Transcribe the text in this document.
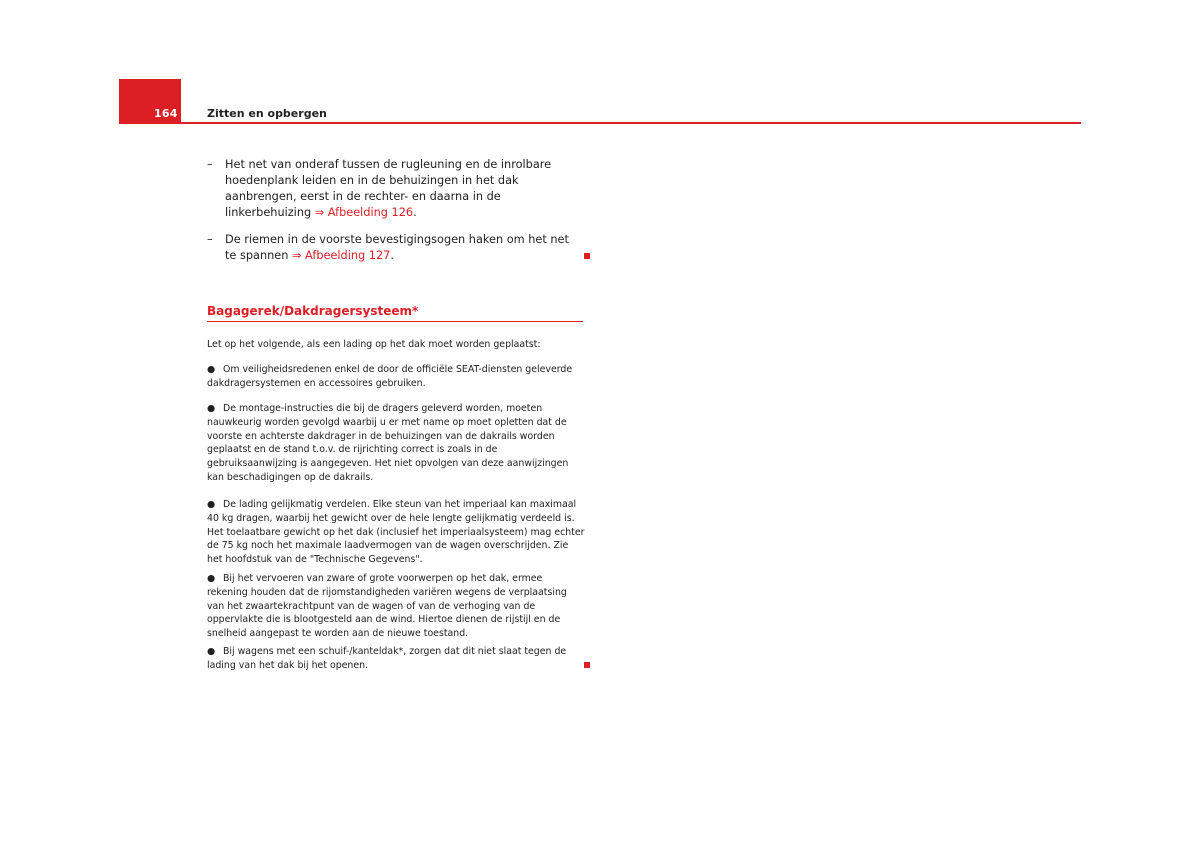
164	Zitten en opbergen
– Het net van onderaf tussen de rugleuning en de inrolbare hoedenplank leiden en in de behuizingen in het dak aanbrengen, eerst in de rechter- en daarna in de linkerbehuizing ⇒ Afbeelding 126.
– De riemen in de voorste bevestigingsogen haken om het net te spannen ⇒ Afbeelding 127.
Bagagerek/Dakdragersysteem*
Let op het volgende, als een lading op het dak moet worden geplaatst:
● Om veiligheidsredenen enkel de door de officiële SEAT-diensten geleverde dakdragersystemen en accessoires gebruiken.
● De montage-instructies die bij de dragers geleverd worden, moeten nauwkeurig worden gevolgd waarbij u er met name op moet opletten dat de voorste en achterste dakdrager in de behuizingen van de dakrails worden geplaatst en de stand t.o.v. de rijrichting correct is zoals in de gebruiksaanwijzing is aangegeven. Het niet opvolgen van deze aanwijzingen kan beschadigingen op de dakrails.
● De lading gelijkmatig verdelen. Elke steun van het imperiaal kan maximaal 40 kg dragen, waarbij het gewicht over de hele lengte gelijkmatig verdeeld is. Het toelaatbare gewicht op het dak (inclusief het imperiaalsysteem) mag echter de 75 kg noch het maximale laadvermogen van de wagen overschrijden. Zie het hoofdstuk van de "Technische Gegevens".
● Bij het vervoeren van zware of grote voorwerpen op het dak, ermee rekening houden dat de rijomstandigheden variëren wegens de verplaatsing van het zwaartekrachtpunt van de wagen of van de verhoging van de oppervlakte die is blootgesteld aan de wind. Hiertoe dienen de rijstijl en de snelheid aangepast te worden aan de nieuwe toestand.
● Bij wagens met een schuif-/kanteldak*, zorgen dat dit niet slaat tegen de lading van het dak bij het openen.
